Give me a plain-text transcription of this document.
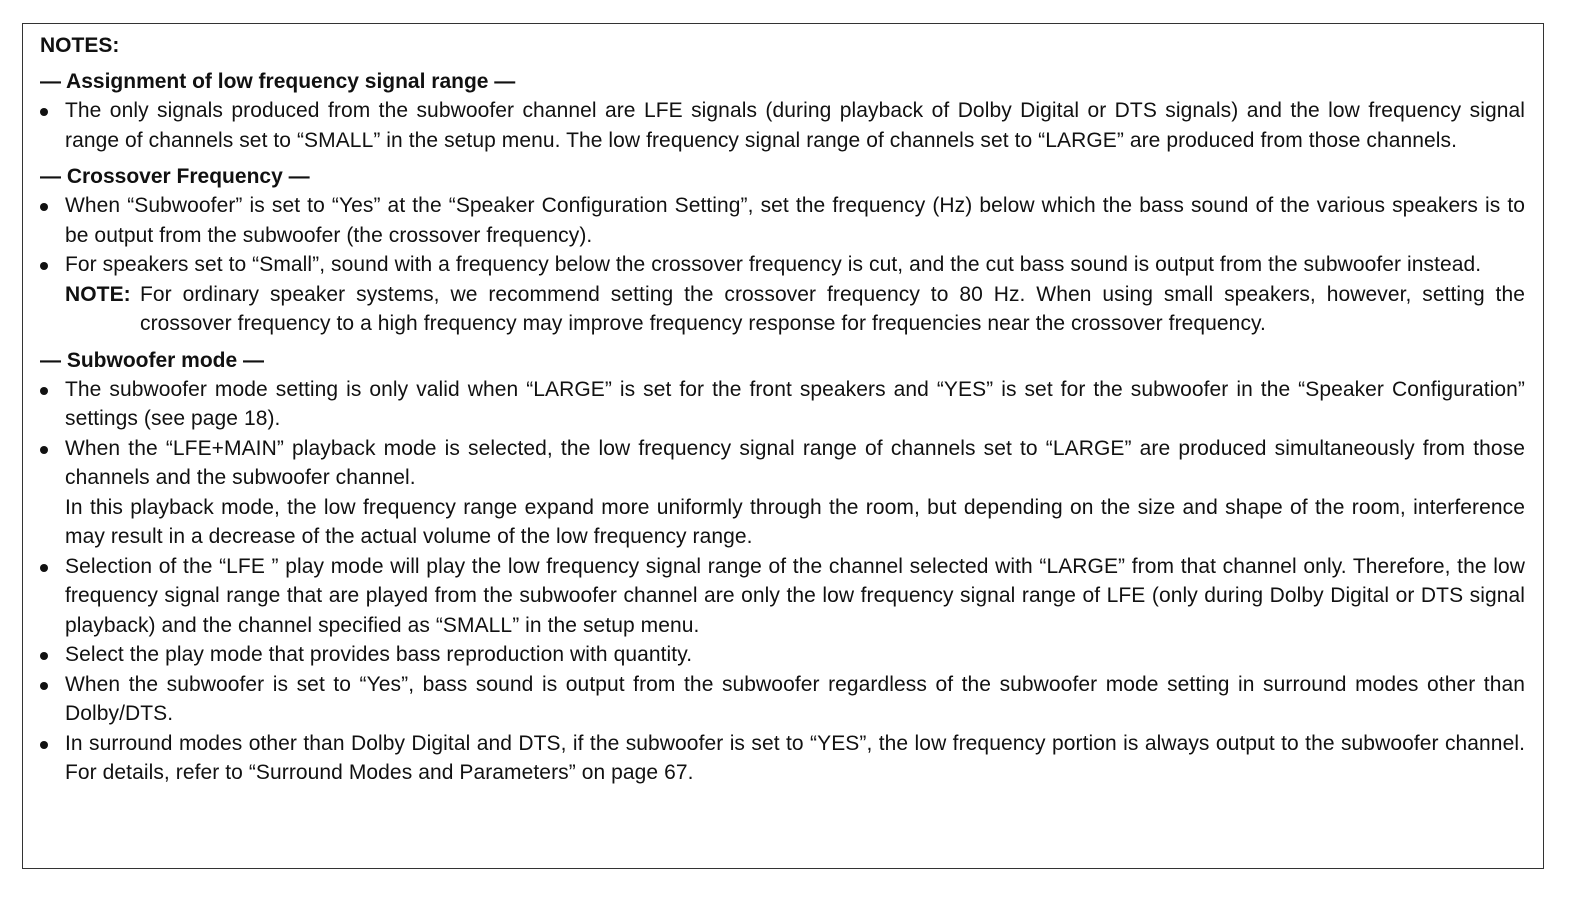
NOTES:
— Assignment of low frequency signal range —
The only signals produced from the subwoofer channel are LFE signals (during playback of Dolby Digital or DTS signals) and the low frequency signal range of channels set to “SMALL” in the setup menu. The low frequency signal range of channels set to “LARGE” are produced from those channels.
— Crossover Frequency —
When “Subwoofer” is set to “Yes” at the “Speaker Configuration Setting”, set the frequency (Hz) below which the bass sound of the various speakers is to be output from the subwoofer (the crossover frequency).
For speakers set to “Small”, sound with a frequency below the crossover frequency is cut, and the cut bass sound is output from the subwoofer instead.
NOTE: For ordinary speaker systems, we recommend setting the crossover frequency to 80 Hz. When using small speakers, however, setting the crossover frequency to a high frequency may improve frequency response for frequencies near the crossover frequency.
— Subwoofer mode —
The subwoofer mode setting is only valid when “LARGE” is set for the front speakers and “YES” is set for the subwoofer in the “Speaker Configuration” settings (see page 18).
When the “LFE+MAIN” playback mode is selected, the low frequency signal range of channels set to “LARGE” are produced simultaneously from those channels and the subwoofer channel.
In this playback mode, the low frequency range expand more uniformly through the room, but depending on the size and shape of the room, interference may result in a decrease of the actual volume of the low frequency range.
Selection of the “LFE ” play mode will play the low frequency signal range of the channel selected with “LARGE” from that channel only. Therefore, the low frequency signal range that are played from the subwoofer channel are only the low frequency signal range of LFE (only during Dolby Digital or DTS signal playback) and the channel specified as “SMALL” in the setup menu.
Select the play mode that provides bass reproduction with quantity.
When the subwoofer is set to “Yes”, bass sound is output from the subwoofer regardless of the subwoofer mode setting in surround modes other than Dolby/DTS.
In surround modes other than Dolby Digital and DTS, if the subwoofer is set to “YES”, the low frequency portion is always output to the subwoofer channel. For details, refer to “Surround Modes and Parameters” on page 67.
